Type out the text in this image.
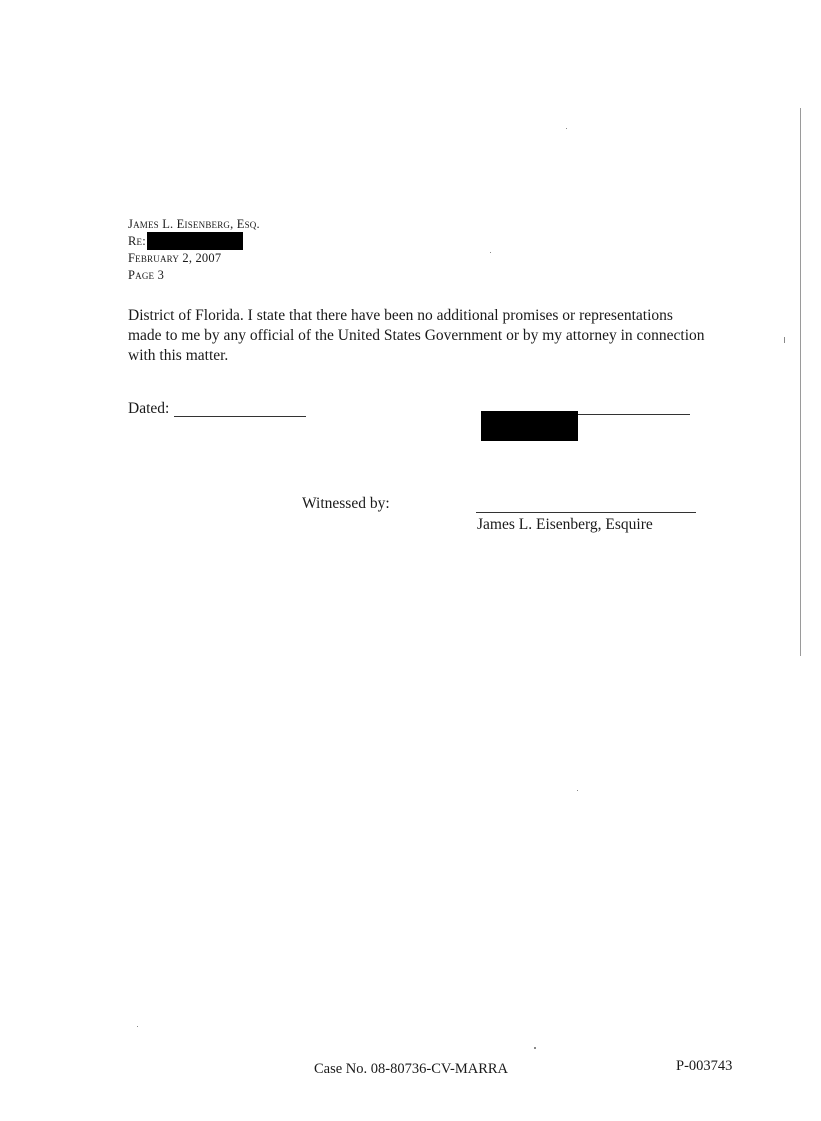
James L. Eisenberg, Esq.
Re:
February 2, 2007
Page 3
District of Florida. I state that there have been no additional promises or representations made to me by any official of the United States Government or by my attorney in connection with this matter.
Dated:
Witnessed by:
James L. Eisenberg, Esquire
Case No. 08-80736-CV-MARRA	P-003743
